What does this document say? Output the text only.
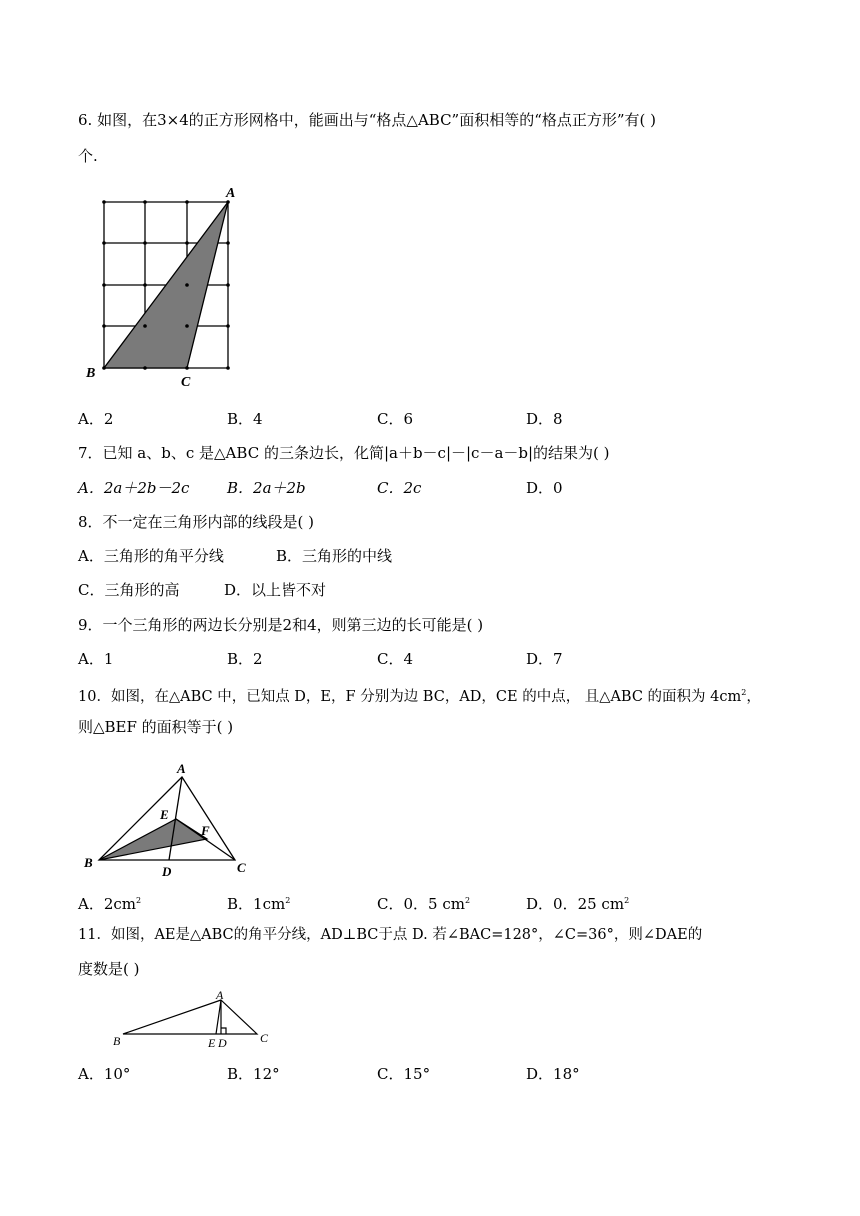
6. 如图，在3×4的正方形网格中，能画出与“格点△ABC”面积相等的“格点正方形”有( )
个.
A
B
C
A．2	B．4	C．6	D．8
7．已知 a、b、c 是△ABC 的三条边长，化简|a＋b－c|－|c－a－b|的结果为( )
A．2a＋2b－2c	B．2a＋2b	C．2c	D．0
8．不一定在三角形内部的线段是( )
A．三角形的角平分线	B．三角形的中线
C．三角形的高	D．以上皆不对
9．一个三角形的两边长分别是2和4，则第三边的长可能是( )
A．1	B．2	C．4	D．7
10．如图，在△ABC 中，已知点 D，E，F 分别为边 BC，AD，CE 的中点， 且△ABC 的面积为 $4cm^2$，
则△BEF 的面积等于( )
A
B	C
D
E
F
A．$2cm^2$	B．$1cm^2$	C．0．5 $cm^2$	D．0．25 $cm^2$
11．如图，AE是△ABC的角平分线，AD⊥BC于点 D. 若∠BAC=128°，∠C=36°，则∠DAE的
度数是( )
A
B	C
E D
A．10°	B．12°	C．15°	D．18°
